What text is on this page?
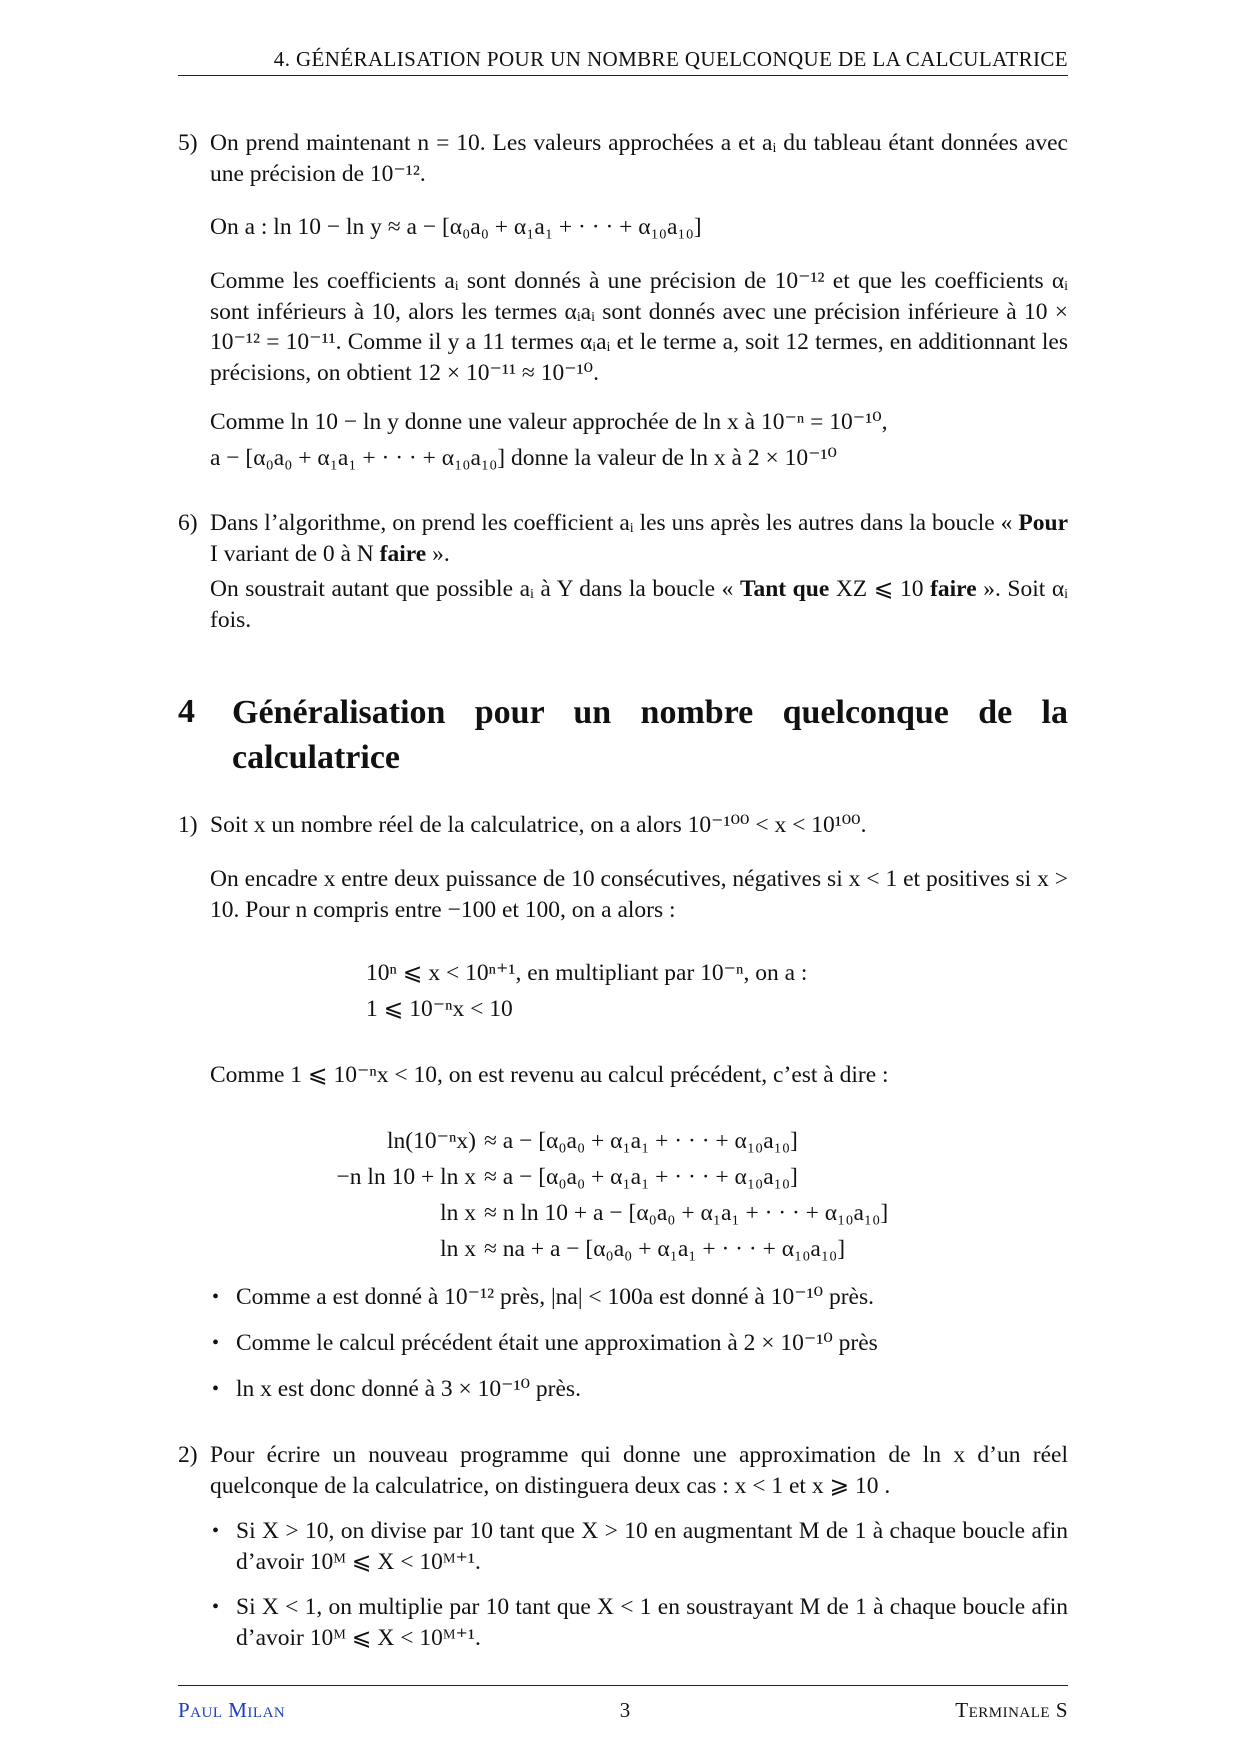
4. GÉNÉRALISATION POUR UN NOMBRE QUELCONQUE DE LA CALCULATRICE
5) On prend maintenant n = 10. Les valeurs approchées a et aᵢ du tableau étant données avec une précision de 10⁻¹².
On a : ln 10 − ln y ≈ a − [α₀a₀ + α₁a₁ + · · · + α₁₀a₁₀]
Comme les coefficients aᵢ sont donnés à une précision de 10⁻¹² et que les coefficients αᵢ sont inférieurs à 10, alors les termes αᵢaᵢ sont donnés avec une précision inférieure à 10 × 10⁻¹² = 10⁻¹¹. Comme il y a 11 termes αᵢaᵢ et le terme a, soit 12 termes, en additionnant les précisions, on obtient 12 × 10⁻¹¹ ≈ 10⁻¹⁰.
Comme ln 10 − ln y donne une valeur approchée de ln x à 10⁻ⁿ = 10⁻¹⁰,
a − [α₀a₀ + α₁a₁ + · · · + α₁₀a₁₀] donne la valeur de ln x à 2 × 10⁻¹⁰
6) Dans l’algorithme, on prend les coefficient aᵢ les uns après les autres dans la boucle « Pour I variant de 0 à N faire ».
On soustrait autant que possible aᵢ à Y dans la boucle « Tant que XZ ⩽ 10 faire ». Soit αᵢ fois.
4 Généralisation pour un nombre quelconque de la calculatrice
1) Soit x un nombre réel de la calculatrice, on a alors 10⁻¹⁰⁰ < x < 10¹⁰⁰.
On encadre x entre deux puissance de 10 consécutives, négatives si x < 1 et positives si x > 10. Pour n compris entre −100 et 100, on a alors :
10ⁿ ⩽ x < 10ⁿ⁺¹, en multipliant par 10⁻ⁿ, on a :
1 ⩽ 10⁻ⁿx < 10
Comme 1 ⩽ 10⁻ⁿx < 10, on est revenu au calcul précédent, c’est à dire :
ln(10⁻ⁿx)
−n ln 10 + ln x
ln x
ln x
≈ a − [α₀a₀ + α₁a₁ + · · · + α₁₀a₁₀]
≈ a − [α₀a₀ + α₁a₁ + · · · + α₁₀a₁₀]
≈ n ln 10 + a − [α₀a₀ + α₁a₁ + · · · + α₁₀a₁₀]
≈ na + a − [α₀a₀ + α₁a₁ + · · · + α₁₀a₁₀]
• Comme a est donné à 10⁻¹² près, |na| < 100a est donné à 10⁻¹⁰ près.
• Comme le calcul précédent était une approximation à 2 × 10⁻¹⁰ près
• ln x est donc donné à 3 × 10⁻¹⁰ près.
2) Pour écrire un nouveau programme qui donne une approximation de ln x d’un réel quelconque de la calculatrice, on distinguera deux cas : x < 1 et x ⩾ 10 .
• Si X > 10, on divise par 10 tant que X > 10 en augmentant M de 1 à chaque boucle afin d’avoir 10ᴹ ⩽ X < 10ᴹ⁺¹.
• Si X < 1, on multiplie par 10 tant que X < 1 en soustrayant M de 1 à chaque boucle afin d’avoir 10ᴹ ⩽ X < 10ᴹ⁺¹.
Paul Milan	3	Terminale S
